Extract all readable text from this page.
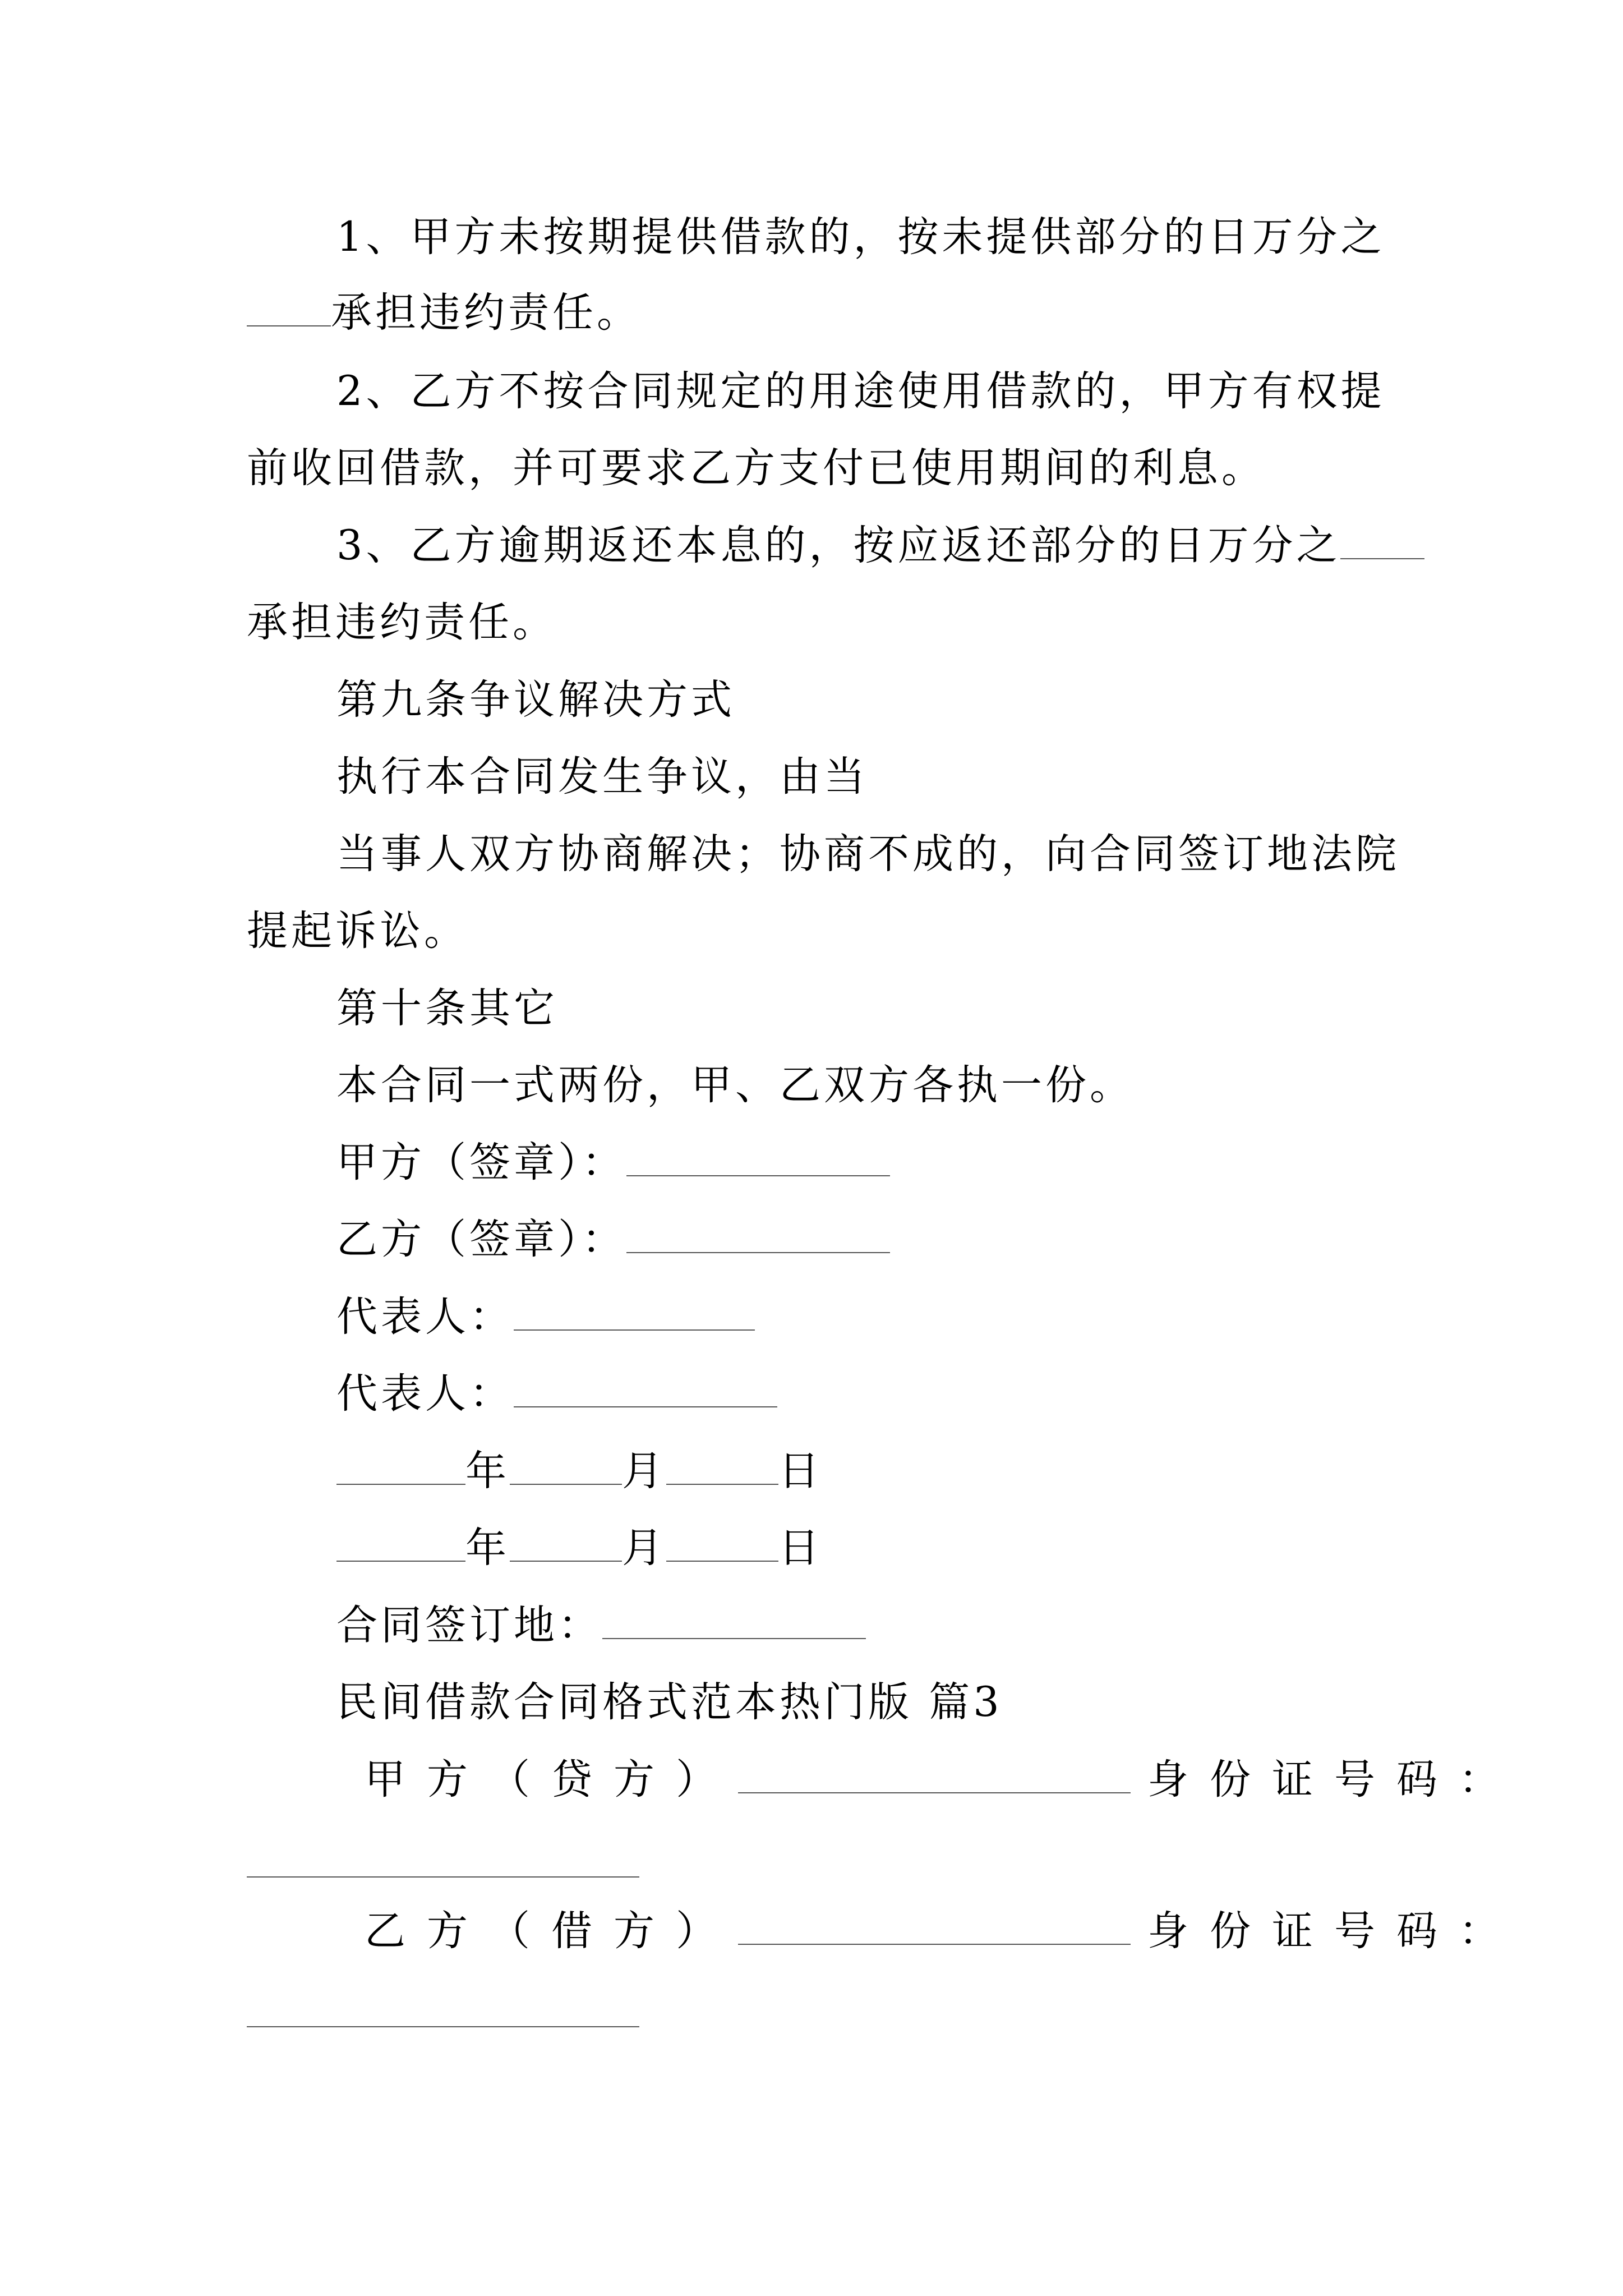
1、甲方未按期提供借款的，按未提供部分的日万分之
承担违约责任。
2、乙方不按合同规定的用途使用借款的，甲方有权提
前收回借款，并可要求乙方支付已使用期间的利息。
3、乙方逾期返还本息的，按应返还部分的日万分之
承担违约责任。
第九条争议解决方式
执行本合同发生争议，由当
当事人双方协商解决；协商不成的，向合同签订地法院
提起诉讼。
第十条其它
本合同一式两份，甲、乙双方各执一份。
甲方（签章）：
乙方（签章）：
代表人：
代表人：
年	月	日
年	月	日
合同签订地：
民间借款合同格式范本热门版 篇3
甲方（贷方）	身份证号码：
乙方（借方）	身份证号码：
